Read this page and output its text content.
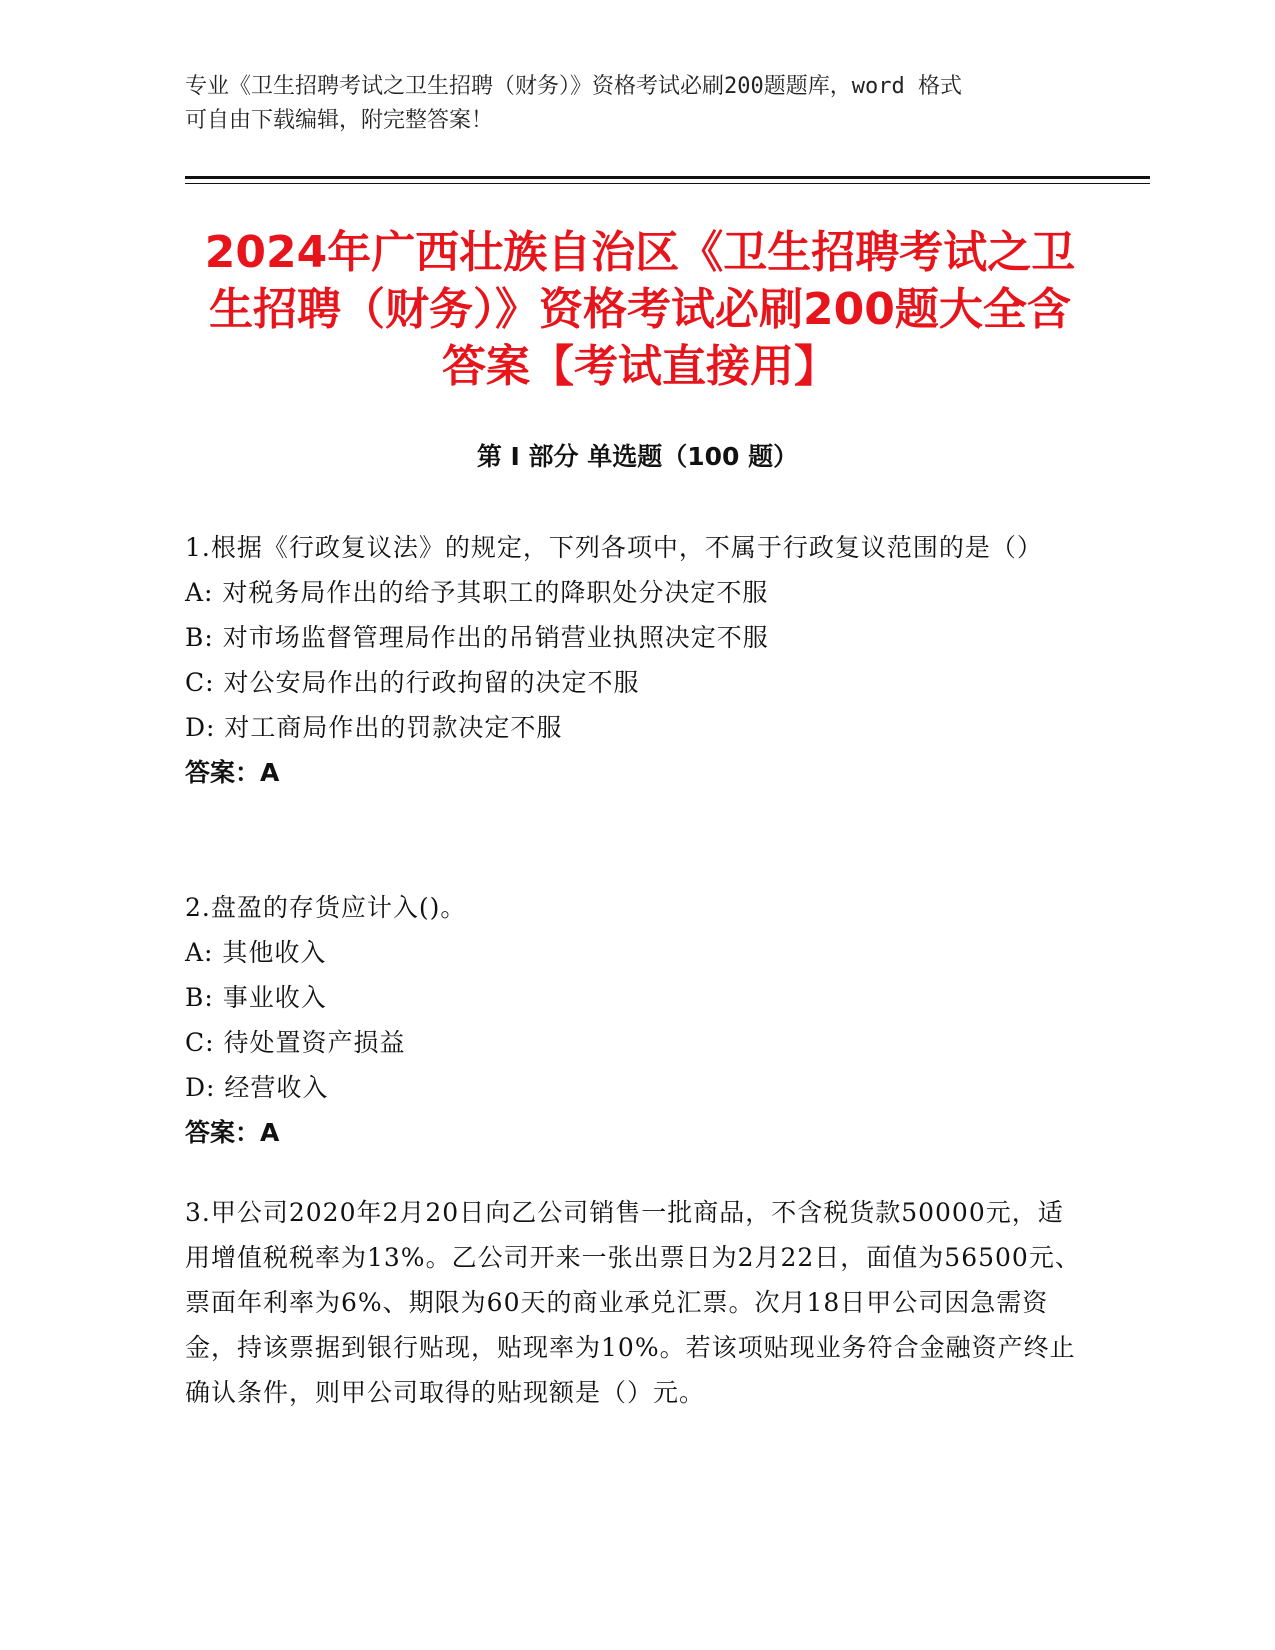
专业《卫生招聘考试之卫生招聘（财务）》资格考试必刷200题题库，word 格式
可自由下载编辑，附完整答案！
2024年广西壮族自治区《卫生招聘考试之卫生招聘（财务）》资格考试必刷200题大全含答案【考试直接用】
第 I 部分 单选题（100 题）

1.根据《行政复议法》的规定，下列各项中，不属于行政复议范围的是（）

A: 对税务局作出的给予其职工的降职处分决定不服

B: 对市场监督管理局作出的吊销营业执照决定不服

C: 对公安局作出的行政拘留的决定不服

D: 对工商局作出的罚款决定不服

答案：A

2.盘盈的存货应计入()。

A: 其他收入

B: 事业收入

C: 待处置资产损益

D: 经营收入

答案：A

3.甲公司2020年2月20日向乙公司销售一批商品，不含税货款50000元，适用增值税税率为13%。乙公司开来一张出票日为2月22日，面值为56500元、票面年利率为6%、期限为60天的商业承兑汇票。次月18日甲公司因急需资金，持该票据到银行贴现，贴现率为10%。若该项贴现业务符合金融资产终止确认条件，则甲公司取得的贴现额是（）元。
